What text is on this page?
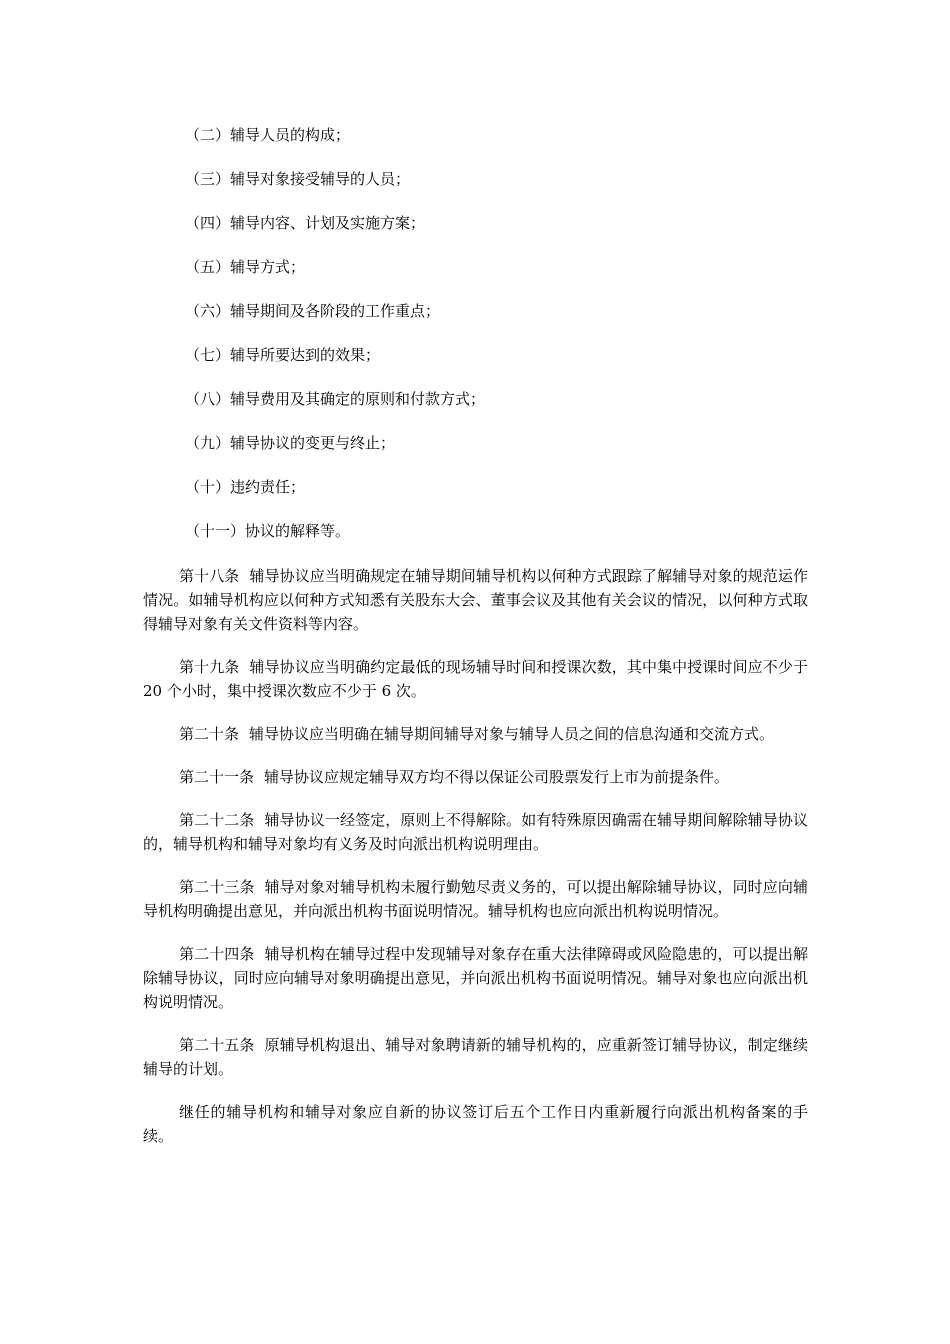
（二）辅导人员的构成；
（三）辅导对象接受辅导的人员；
（四）辅导内容、计划及实施方案；
（五）辅导方式；
（六）辅导期间及各阶段的工作重点；
（七）辅导所要达到的效果；
（八）辅导费用及其确定的原则和付款方式；
（九）辅导协议的变更与终止；
（十）违约责任；
（十一）协议的解释等。

第十八条 辅导协议应当明确规定在辅导期间辅导机构以何种方式跟踪了解辅导对象的规范运作情况。如辅导机构应以何种方式知悉有关股东大会、董事会议及其他有关会议的情况，以何种方式取得辅导对象有关文件资料等内容。

第十九条 辅导协议应当明确约定最低的现场辅导时间和授课次数，其中集中授课时间应不少于 20 个小时，集中授课次数应不少于 6 次。

第二十条 辅导协议应当明确在辅导期间辅导对象与辅导人员之间的信息沟通和交流方式。

第二十一条 辅导协议应规定辅导双方均不得以保证公司股票发行上市为前提条件。

第二十二条 辅导协议一经签定，原则上不得解除。如有特殊原因确需在辅导期间解除辅导协议的，辅导机构和辅导对象均有义务及时向派出机构说明理由。

第二十三条 辅导对象对辅导机构未履行勤勉尽责义务的，可以提出解除辅导协议，同时应向辅导机构明确提出意见，并向派出机构书面说明情况。辅导机构也应向派出机构说明情况。

第二十四条 辅导机构在辅导过程中发现辅导对象存在重大法律障碍或风险隐患的，可以提出解除辅导协议，同时应向辅导对象明确提出意见，并向派出机构书面说明情况。辅导对象也应向派出机构说明情况。

第二十五条 原辅导机构退出、辅导对象聘请新的辅导机构的，应重新签订辅导协议，制定继续辅导的计划。

继任的辅导机构和辅导对象应自新的协议签订后五个工作日内重新履行向派出机构备案的手续。
